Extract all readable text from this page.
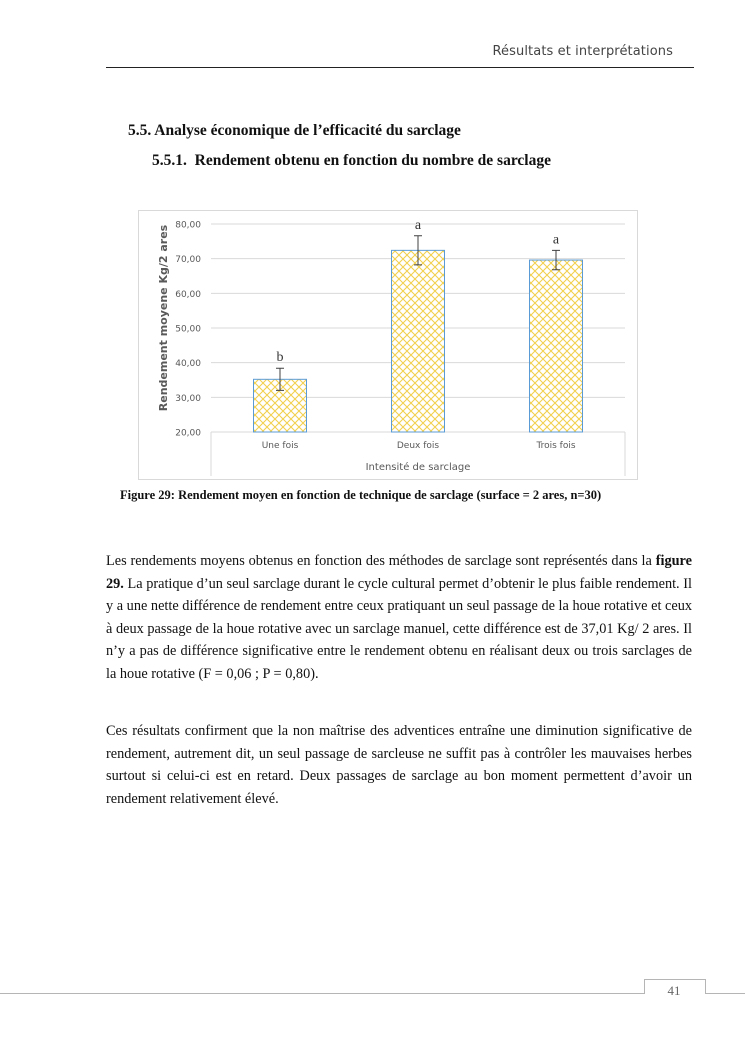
Résultats et interprétations
5.5. Analyse économique de l’efficacité du sarclage
5.5.1.  Rendement obtenu en fonction du nombre de sarclage
80,00
70,00
60,00
50,00
40,00
30,00
20,00
b
a
a
Une fois	Deux fois	Trois fois
Intensité de sarclage
Rendement moyene Kg/2 ares
Figure 29: Rendement moyen en fonction de technique de sarclage (surface = 2 ares, n=30)

Les rendements moyens obtenus en fonction des méthodes de sarclage sont représentés dans la figure 29. La pratique d’un seul sarclage durant le cycle cultural permet d’obtenir le plus faible rendement. Il y a une nette différence de rendement entre ceux pratiquant un seul passage de la houe rotative et ceux à deux passage de la houe rotative avec un sarclage manuel, cette différence est de 37,01 Kg/ 2 ares. Il n’y a pas de différence significative entre le rendement obtenu en réalisant deux ou trois sarclages de la houe rotative (F = 0,06 ; P = 0,80).

Ces résultats confirment que la non maîtrise des adventices entraîne une diminution significative de rendement, autrement dit, un seul passage de sarcleuse ne suffit pas à contrôler les mauvaises herbes surtout si celui-ci est en retard. Deux passages de sarclage au bon moment permettent d’avoir un rendement relativement élevé.

41
